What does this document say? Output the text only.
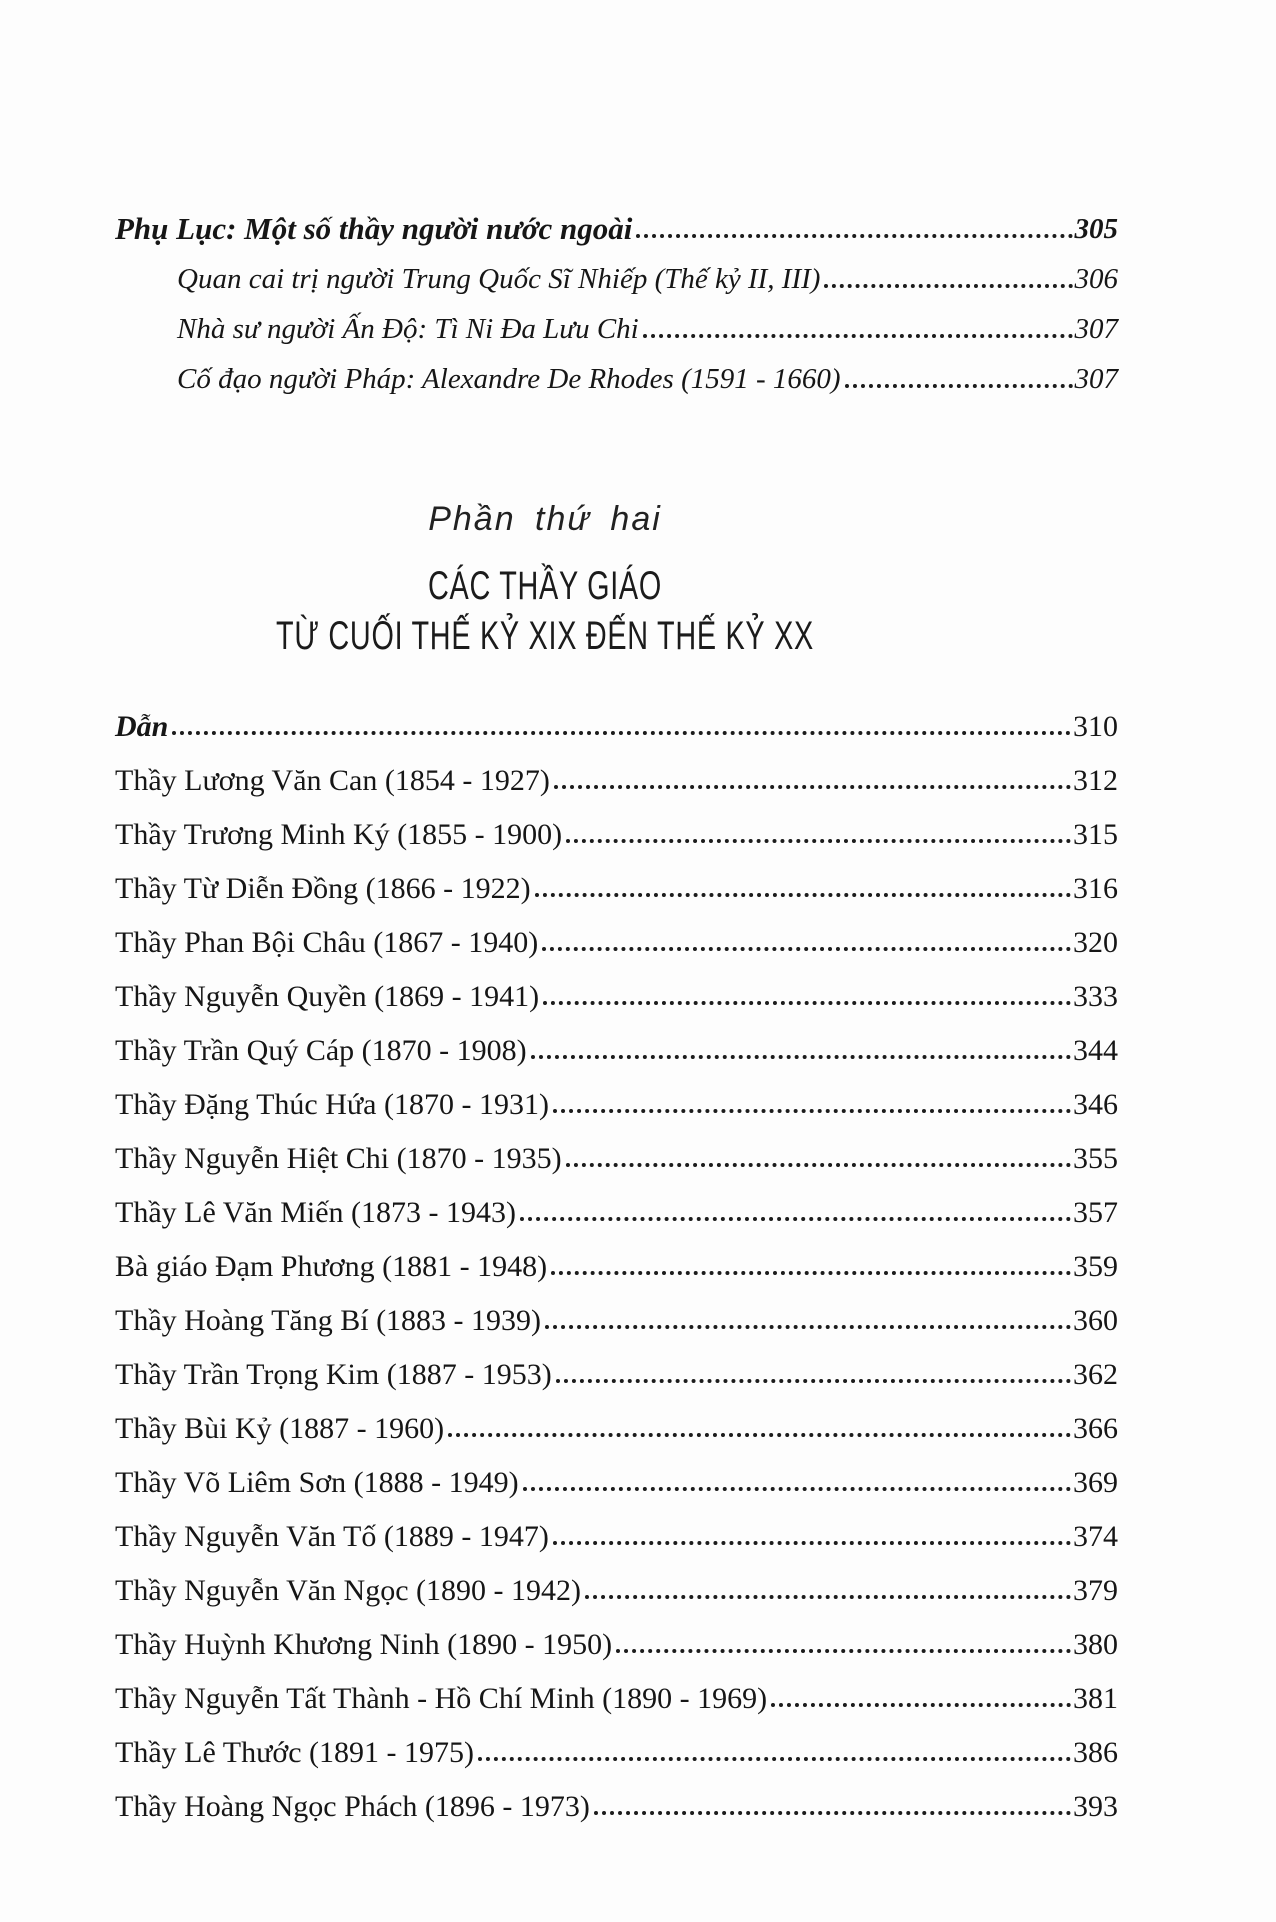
Phụ Lục: Một số thầy người nước ngoài	305
Quan cai trị người Trung Quốc Sĩ Nhiếp (Thế kỷ II, III)	306
Nhà sư người Ấn Độ: Tì Ni Đa Lưu Chi	307
Cố đạo người Pháp: Alexandre De Rhodes (1591 - 1660)	307
Phần thứ hai
CÁC THẦY GIÁO
TỪ CUỐI THẾ KỶ XIX ĐẾN THẾ KỶ XX
Dẫn	310
Thầy Lương Văn Can (1854 - 1927)	312
Thầy Trương Minh Ký (1855 - 1900)	315
Thầy Từ Diễn Đồng (1866 - 1922)	316
Thầy Phan Bội Châu (1867 - 1940)	320
Thầy Nguyễn Quyền (1869 - 1941)	333
Thầy Trần Quý Cáp (1870 - 1908)	344
Thầy Đặng Thúc Hứa (1870 - 1931)	346
Thầy Nguyễn Hiệt Chi (1870 - 1935)	355
Thầy Lê Văn Miến (1873 - 1943)	357
Bà giáo Đạm Phương (1881 - 1948)	359
Thầy Hoàng Tăng Bí (1883 - 1939)	360
Thầy Trần Trọng Kim (1887 - 1953)	362
Thầy Bùi Kỷ (1887 - 1960)	366
Thầy Võ Liêm Sơn (1888 - 1949)	369
Thầy Nguyễn Văn Tố (1889 - 1947)	374
Thầy Nguyễn Văn Ngọc (1890 - 1942)	379
Thầy Huỳnh Khương Ninh (1890 - 1950)	380
Thầy Nguyễn Tất Thành - Hồ Chí Minh (1890 - 1969)	381
Thầy Lê Thước (1891 - 1975)	386
Thầy Hoàng Ngọc Phách (1896 - 1973)	393
